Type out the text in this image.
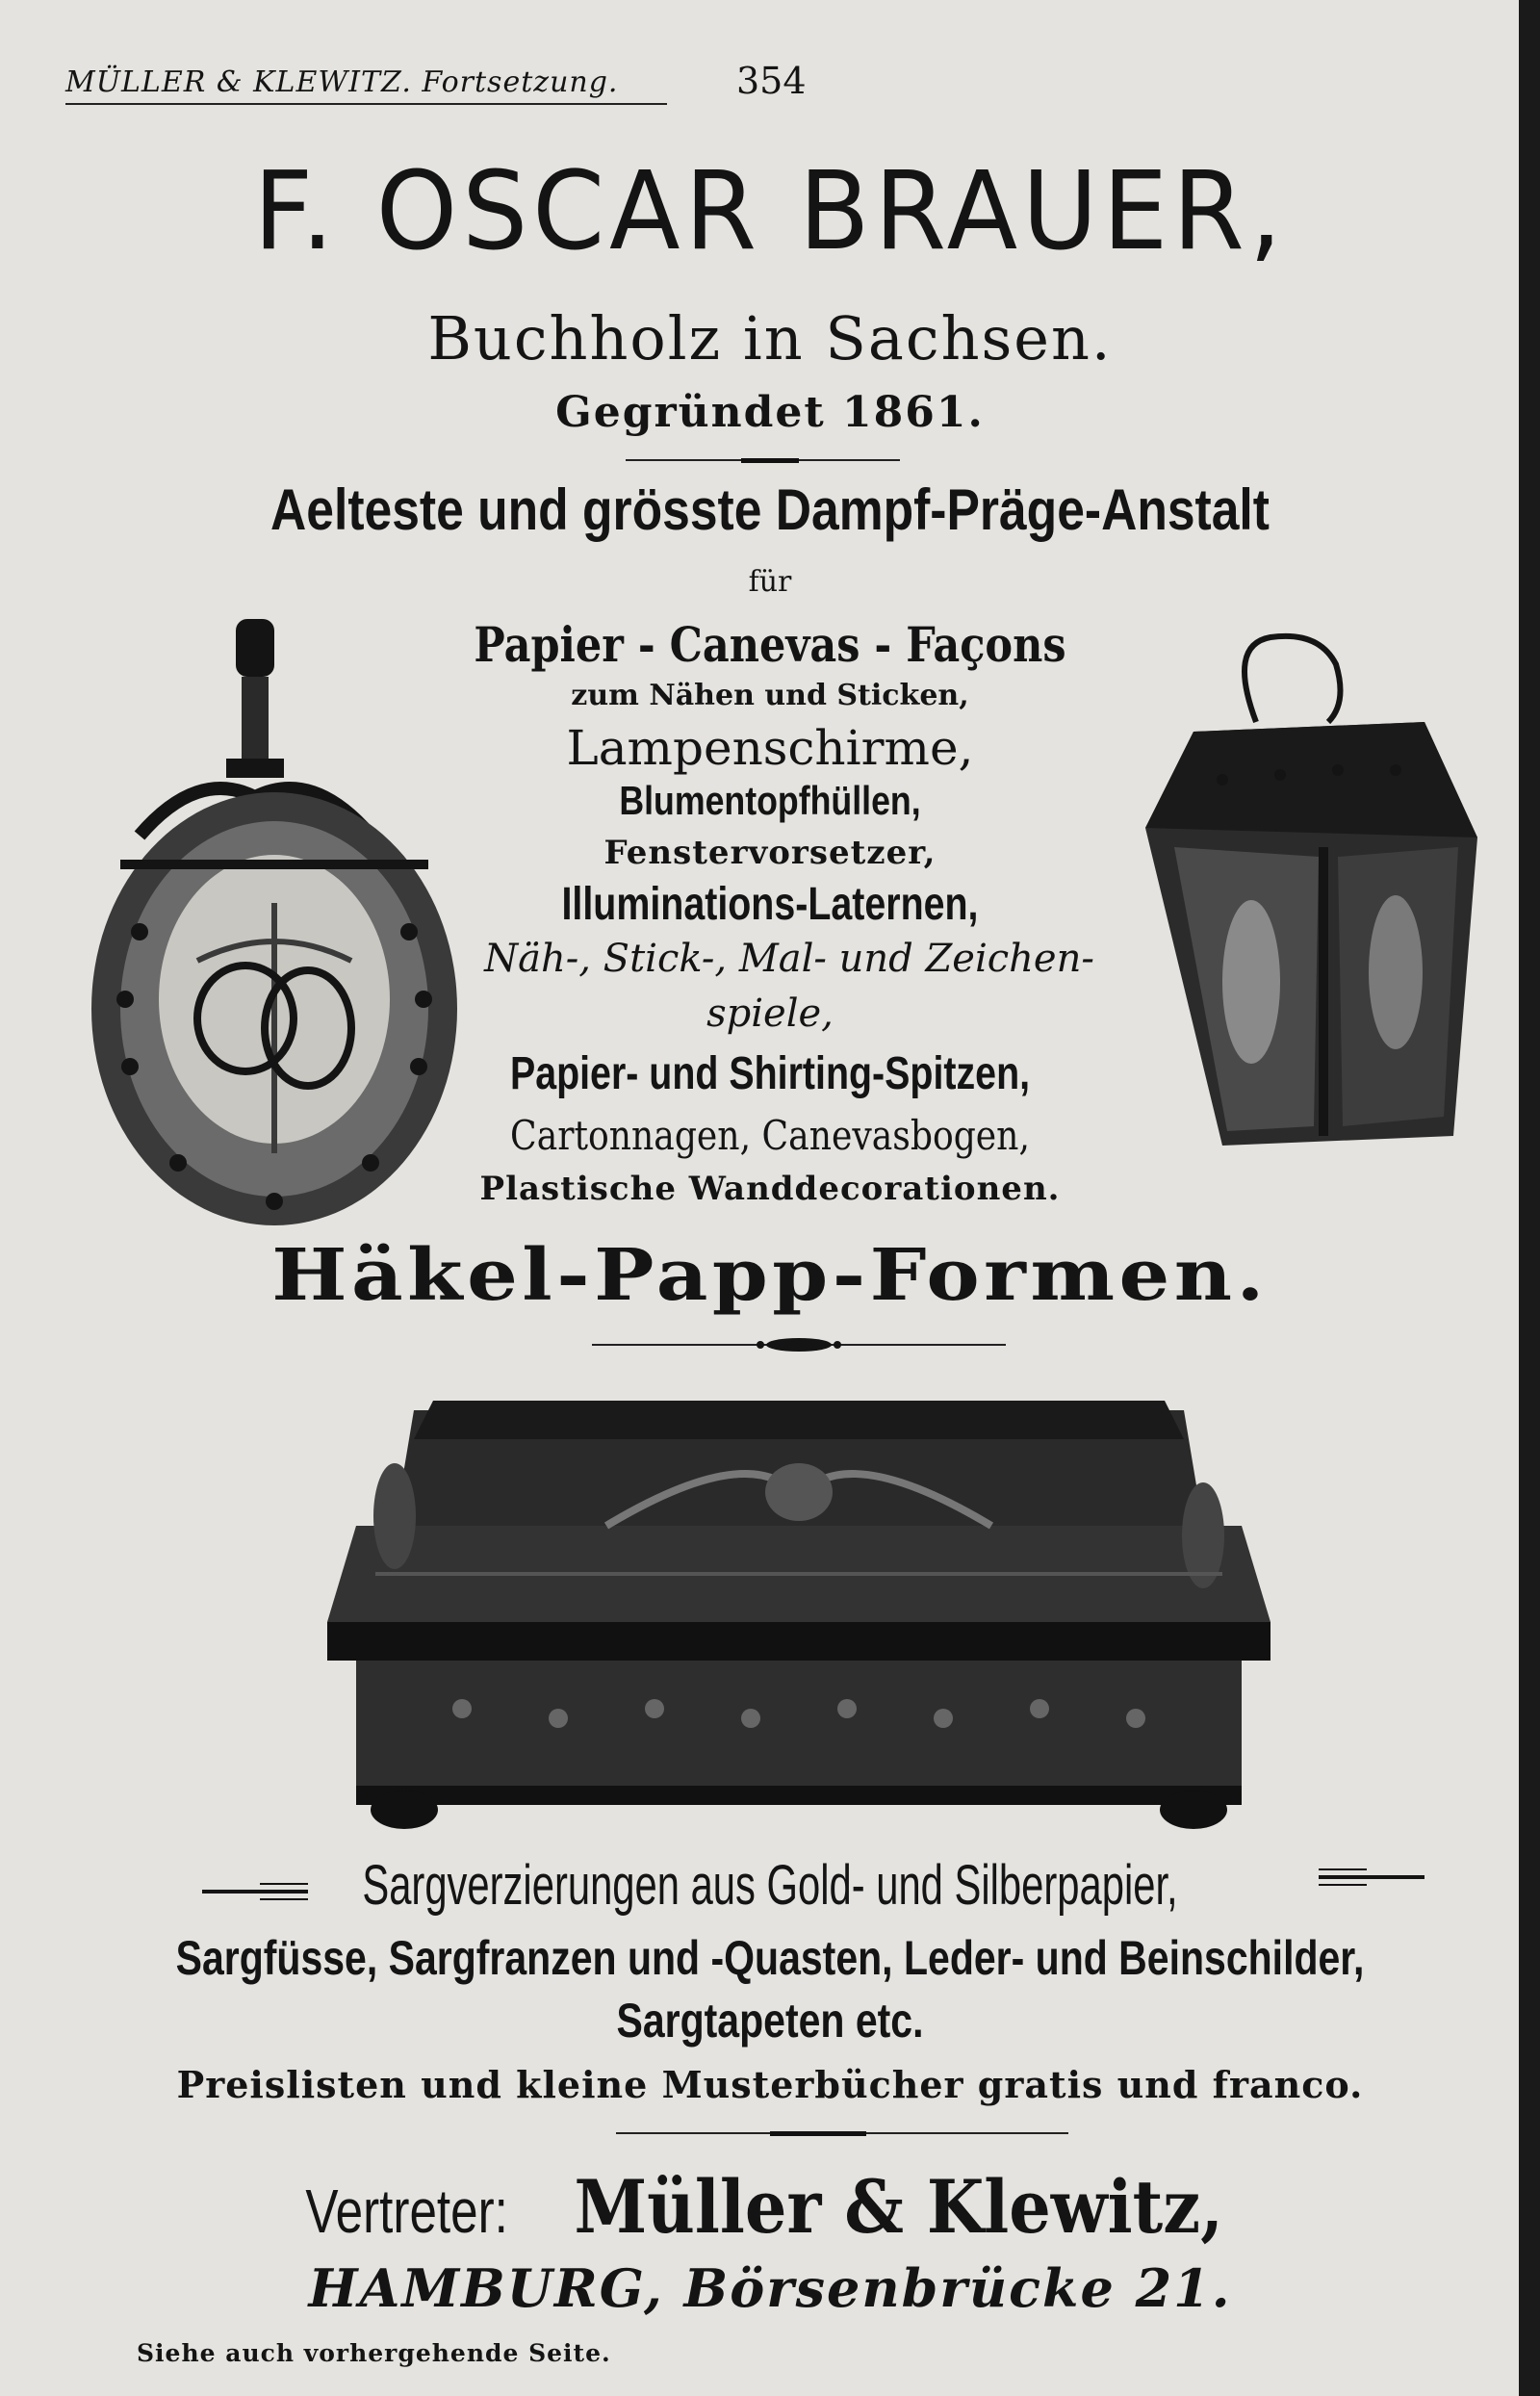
MÜLLER & KLEWITZ. Fortsetzung.	354
F. OSCAR BRAUER,
Buchholz in Sachsen.
Gegründet 1861.
Aelteste und grösste Dampf-Präge-Anstalt
für
Papier - Canevas - Façons
zum Nähen und Sticken,
Lampenschirme,
Blumentopfhüllen,
Fenstervorsetzer,
Illuminations-Laternen,
Näh-, Stick-, Mal- und Zeichen-
spiele,
Papier- und Shirting-Spitzen,
Cartonnagen, Canevasbogen,
Plastische Wanddecorationen.
Häkel-Papp-Formen.
Sargverzierungen aus Gold- und Silberpapier,
Sargfüsse, Sargfranzen und -Quasten, Leder- und Beinschilder,
Sargtapeten etc.
Preislisten und kleine Musterbücher gratis und franco.
Vertreter: Müller & Klewitz,
HAMBURG, Börsenbrücke 21.
Siehe auch vorhergehende Seite.
